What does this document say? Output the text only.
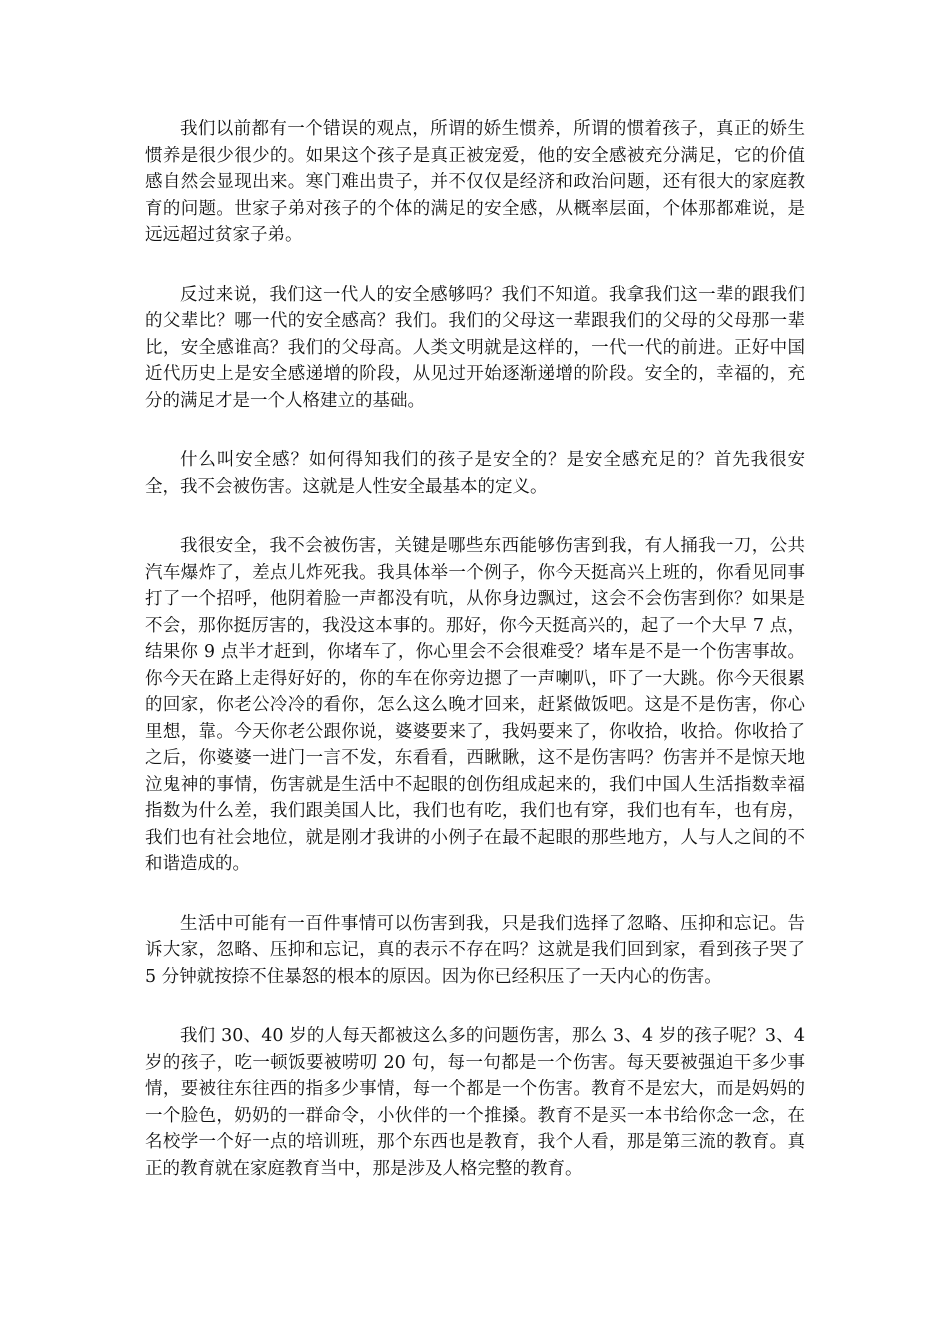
我们以前都有一个错误的观点，所谓的娇生惯养，所谓的惯着孩子，真正的娇生惯养是很少很少的。如果这个孩子是真正被宠爱，他的安全感被充分满足，它的价值感自然会显现出来。寒门难出贵子，并不仅仅是经济和政治问题，还有很大的家庭教育的问题。世家子弟对孩子的个体的满足的安全感，从概率层面，个体那都难说，是远远超过贫家子弟。

反过来说，我们这一代人的安全感够吗？我们不知道。我拿我们这一辈的跟我们的父辈比？哪一代的安全感高？我们。我们的父母这一辈跟我们的父母的父母那一辈比，安全感谁高？我们的父母高。人类文明就是这样的，一代一代的前进。正好中国近代历史上是安全感递增的阶段，从见过开始逐渐递增的阶段。安全的，幸福的，充分的满足才是一个人格建立的基础。

什么叫安全感？如何得知我们的孩子是安全的？是安全感充足的？首先我很安全，我不会被伤害。这就是人性安全最基本的定义。

我很安全，我不会被伤害，关键是哪些东西能够伤害到我，有人捅我一刀，公共汽车爆炸了，差点儿炸死我。我具体举一个例子，你今天挺高兴上班的，你看见同事打了一个招呼，他阴着脸一声都没有吭，从你身边飘过，这会不会伤害到你？如果是不会，那你挺厉害的，我没这本事的。那好，你今天挺高兴的，起了一个大早 7 点，结果你 9 点半才赶到，你堵车了，你心里会不会很难受？堵车是不是一个伤害事故。你今天在路上走得好好的，你的车在你旁边摁了一声喇叭，吓了一大跳。你今天很累的回家，你老公冷冷的看你，怎么这么晚才回来，赶紧做饭吧。这是不是伤害，你心里想，靠。今天你老公跟你说，婆婆要来了，我妈要来了，你收拾，收拾。你收拾了之后，你婆婆一进门一言不发，东看看，西瞅瞅，这不是伤害吗？伤害并不是惊天地泣鬼神的事情，伤害就是生活中不起眼的创伤组成起来的，我们中国人生活指数幸福指数为什么差，我们跟美国人比，我们也有吃，我们也有穿，我们也有车，也有房，我们也有社会地位，就是刚才我讲的小例子在最不起眼的那些地方，人与人之间的不和谐造成的。

生活中可能有一百件事情可以伤害到我，只是我们选择了忽略、压抑和忘记。告诉大家，忽略、压抑和忘记，真的表示不存在吗？这就是我们回到家，看到孩子哭了 5 分钟就按捺不住暴怒的根本的原因。因为你已经积压了一天内心的伤害。

我们 30、40 岁的人每天都被这么多的问题伤害，那么 3、4 岁的孩子呢？3、4 岁的孩子，吃一顿饭要被唠叨 20 句，每一句都是一个伤害。每天要被强迫干多少事情，要被往东往西的指多少事情，每一个都是一个伤害。教育不是宏大，而是妈妈的一个脸色，奶奶的一群命令，小伙伴的一个推搡。教育不是买一本书给你念一念，在名校学一个好一点的培训班，那个东西也是教育，我个人看，那是第三流的教育。真正的教育就在家庭教育当中，那是涉及人格完整的教育。
